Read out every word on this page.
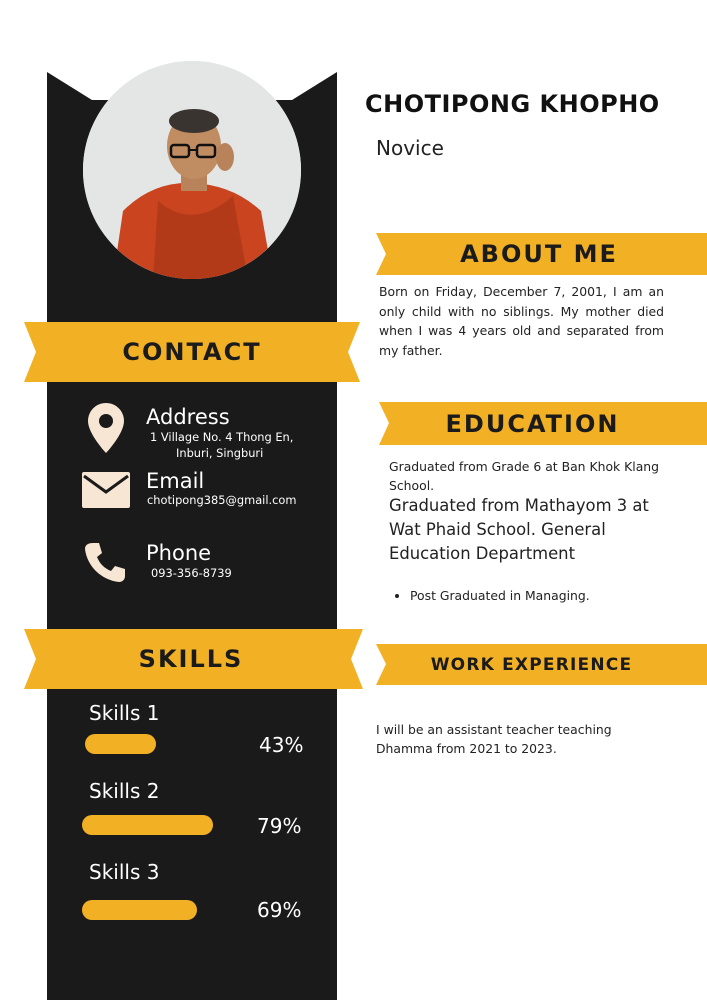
CHOTIPONG KHOPHO
Novice
ABOUT ME
Born on Friday, December 7, 2001, I am an only child with no siblings. My mother died when I was 4 years old and separated from my father.
EDUCATION
Graduated from Grade 6 at Ban Khok Klang School.
Graduated from Mathayom 3 at Wat Phaid School. General Education Department
• Post Graduated in Managing.
WORK EXPERIENCE
I will be an assistant teacher teaching Dhamma from 2021 to 2023.
CONTACT
Address
1 Village No. 4 Thong En,
Inburi, Singburi
Email
chotipong385@gmail.com
Phone
093-356-8739
SKILLS
Skills 1
43%
Skills 2
79%
Skills 3
69%
